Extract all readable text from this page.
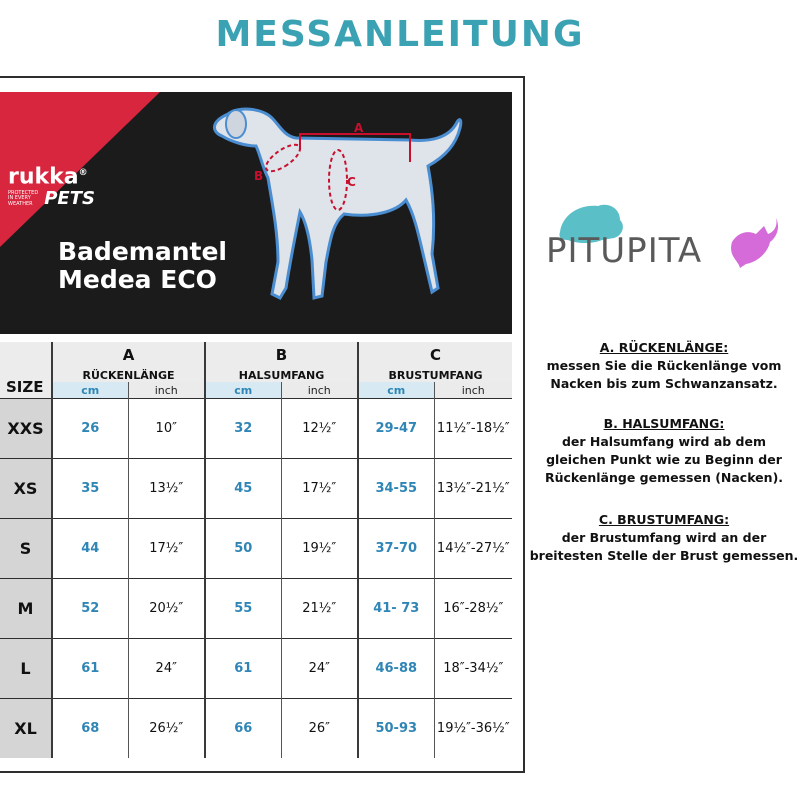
MESSANLEITUNG
A
B	C
rukka®
PROTECTED
IN EVERY
WEATHER PETS
Bademantel
Medea ECO
SIZE	A		B		C	
	RÜCKENLÄNGE		HALSUMFANG		BRUSTUMFANG	
	cm	inch	cm	inch	cm	inch
XXS	26	10″	32	12½″	29-47	11½″-18½″
XS	35	13½″	45	17½″	34-55	13½″-21½″
S	44	17½″	50	19½″	37-70	14½″-27½″
M	52	20½″	55	21½″	41- 73	16″-28½″
L	61	24″	61	24″	46-88	18″-34½″
XL	68	26½″	66	26″	50-93	19½″-36½″
PITUPITA
A. RÜCKENLÄNGE:
messen Sie die Rückenlänge vom
Nacken bis zum Schwanzansatz.
B. HALSUMFANG:
der Halsumfang wird ab dem
gleichen Punkt wie zu Beginn der
Rückenlänge gemessen (Nacken).
C. BRUSTUMFANG:
der Brustumfang wird an der
breitesten Stelle der Brust gemessen.
